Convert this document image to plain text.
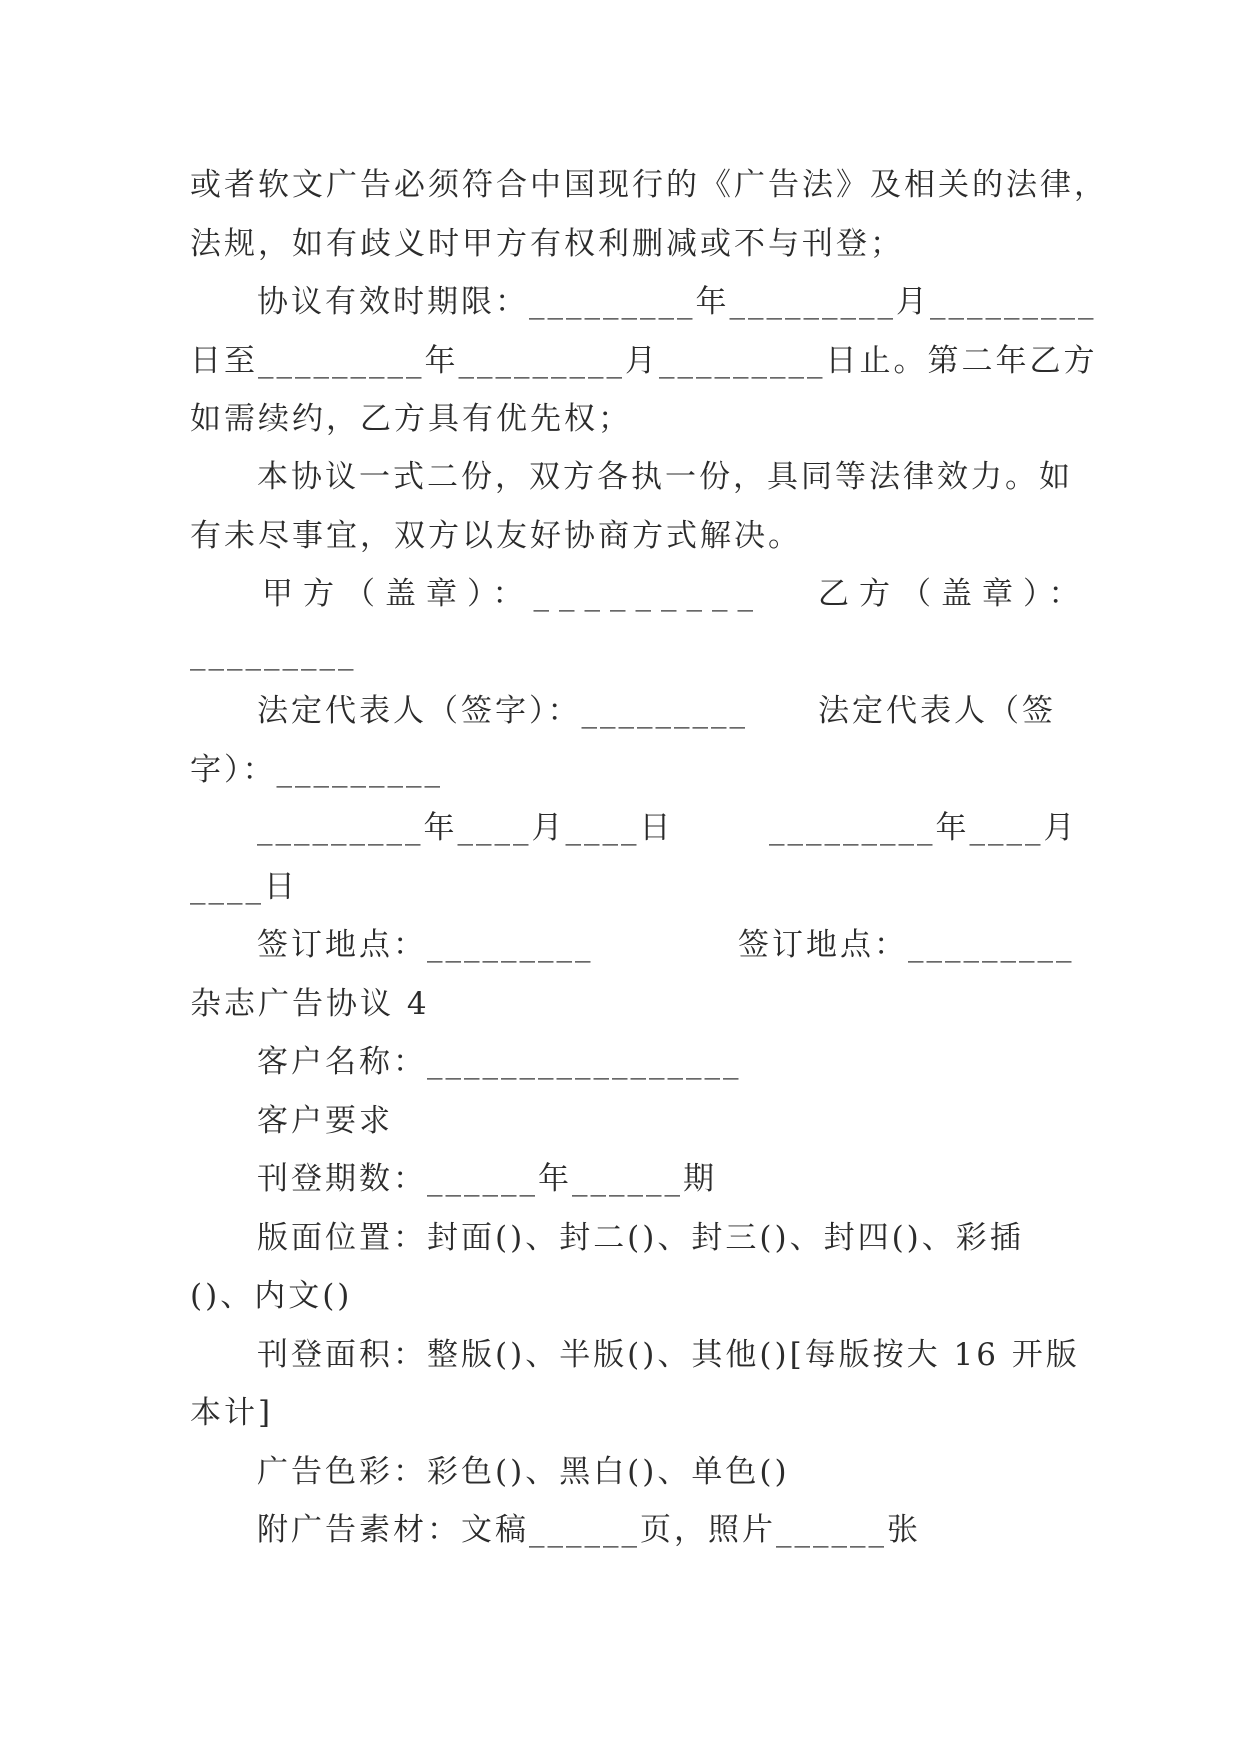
或者软文广告必须符合中国现行的《广告法》及相关的法律，
法规，如有歧义时甲方有权利删减或不与刊登；
协议有效时期限：_________年_________月_________
日至_________年_________月_________日止。第二年乙方
如需续约，乙方具有优先权；
本协议一式二份，双方各执一份，具同等法律效力。如
有未尽事宜，双方以友好协商方式解决。
甲方（盖章）：_________ 乙方（盖章）：
_________
法定代表人（签字）：_________ 法定代表人（签
字）：_________
_________年____月____日	_________年____月
____日
签订地点：_________	签订地点：_________
杂志广告协议 4
客户名称：_________________
客户要求
刊登期数：______年______期
版面位置：封面()、封二()、封三()、封四()、彩插
()、内文()
刊登面积：整版()、半版()、其他()[每版按大 16 开版
本计]
广告色彩：彩色()、黑白()、单色()
附广告素材：文稿______页，照片______张
